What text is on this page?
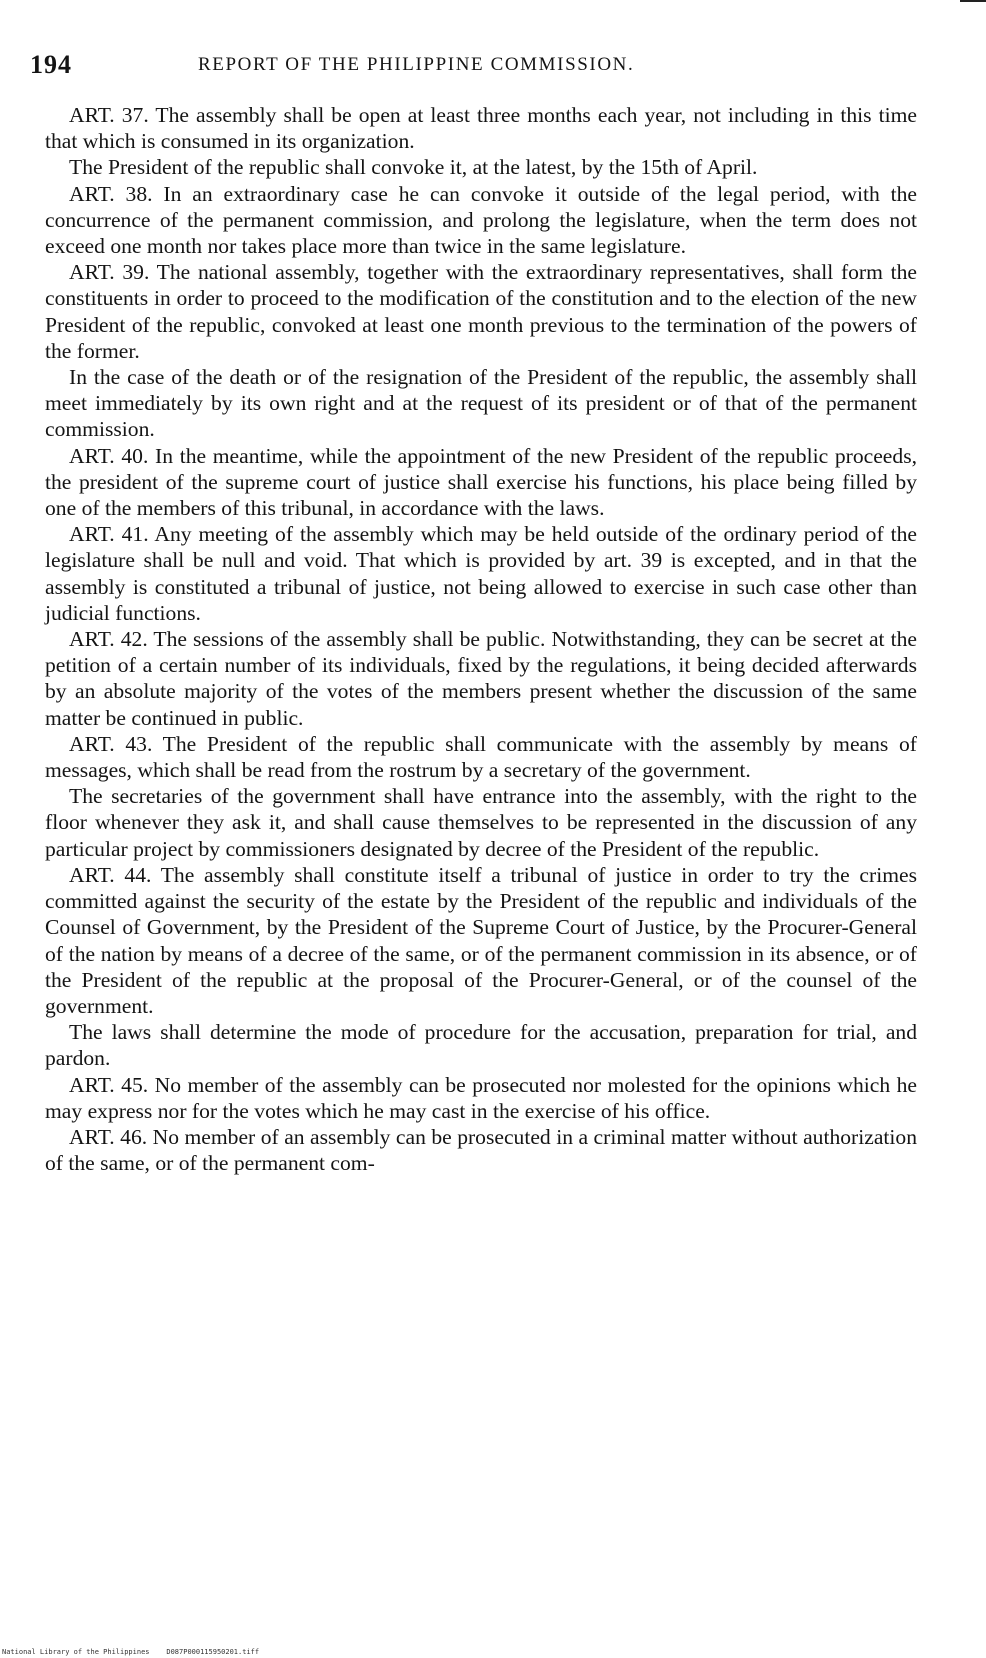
194	REPORT OF THE PHILIPPINE COMMISSION.

ART. 37. The assembly shall be open at least three months each year, not including in this time that which is consumed in its organization.

The President of the republic shall convoke it, at the latest, by the 15th of April.

ART. 38. In an extraordinary case he can convoke it outside of the legal period, with the concurrence of the permanent commission, and prolong the legislature, when the term does not exceed one month nor takes place more than twice in the same legislature.

ART. 39. The national assembly, together with the extraordinary representatives, shall form the constituents in order to proceed to the modification of the constitution and to the election of the new President of the republic, convoked at least one month previous to the termination of the powers of the former.

In the case of the death or of the resignation of the President of the republic, the assembly shall meet immediately by its own right and at the request of its president or of that of the permanent commission.

ART. 40. In the meantime, while the appointment of the new President of the republic proceeds, the president of the supreme court of justice shall exercise his functions, his place being filled by one of the members of this tribunal, in accordance with the laws.

ART. 41. Any meeting of the assembly which may be held outside of the ordinary period of the legislature shall be null and void. That which is provided by art. 39 is excepted, and in that the assembly is constituted a tribunal of justice, not being allowed to exercise in such case other than judicial functions.

ART. 42. The sessions of the assembly shall be public. Notwithstanding, they can be secret at the petition of a certain number of its individuals, fixed by the regulations, it being decided afterwards by an absolute majority of the votes of the members present whether the discussion of the same matter be continued in public.

ART. 43. The President of the republic shall communicate with the assembly by means of messages, which shall be read from the rostrum by a secretary of the government.

The secretaries of the government shall have entrance into the assembly, with the right to the floor whenever they ask it, and shall cause themselves to be represented in the discussion of any particular project by commissioners designated by decree of the President of the republic.

ART. 44. The assembly shall constitute itself a tribunal of justice in order to try the crimes committed against the security of the estate by the President of the republic and individuals of the Counsel of Government, by the President of the Supreme Court of Justice, by the Procurer-General of the nation by means of a decree of the same, or of the permanent commission in its absence, or of the President of the republic at the proposal of the Procurer-General, or of the counsel of the government.

The laws shall determine the mode of procedure for the accusation, preparation for trial, and pardon.

ART. 45. No member of the assembly can be prosecuted nor molested for the opinions which he may express nor for the votes which he may cast in the exercise of his office.

ART. 46. No member of an assembly can be prosecuted in a criminal matter without authorization of the same, or of the permanent com-

National Library of the Philippines D087P000115950201.tiff
